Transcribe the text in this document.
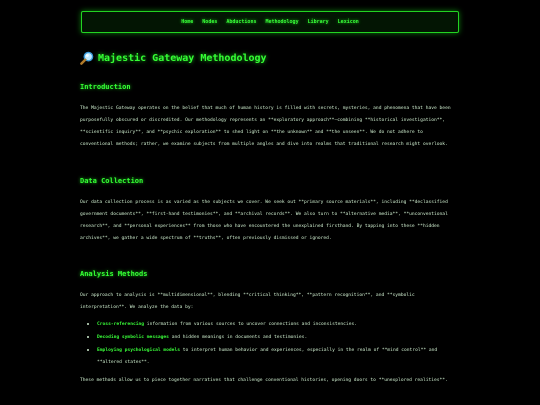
Home Nodes Abductions Methodology Library Lexicon
Majestic Gateway Methodology
Introduction

The Majestic Gateway operates on the belief that much of human history is filled with secrets, mysteries, and phenomena that have been purposefully obscured or discredited. Our methodology represents an **exploratory approach**—combining **historical investigation**, **scientific inquiry**, and **psychic exploration** to shed light on **the unknown** and **the unseen**. We do not adhere to conventional methods; rather, we examine subjects from multiple angles and dive into realms that traditional research might overlook.

Data Collection

Our data collection process is as varied as the subjects we cover. We seek out **primary source materials**, including **declassified government documents**, **first-hand testimonies**, and **archival records**. We also turn to **alternative media**, **unconventional research**, and **personal experiences** from those who have encountered the unexplained firsthand. By tapping into these **hidden archives**, we gather a wide spectrum of **truths**, often previously dismissed or ignored.

Analysis Methods

Our approach to analysis is **multidimensional**, blending **critical thinking**, **pattern recognition**, and **symbolic interpretation**. We analyze the data by:

• Cross-referencing information from various sources to uncover connections and inconsistencies.
• Decoding symbolic messages and hidden meanings in documents and testimonies.
• Employing psychological models to interpret human behavior and experiences, especially in the realm of **mind control** and **altered states**.

These methods allow us to piece together narratives that challenge conventional histories, opening doors to **unexplored realities**.
